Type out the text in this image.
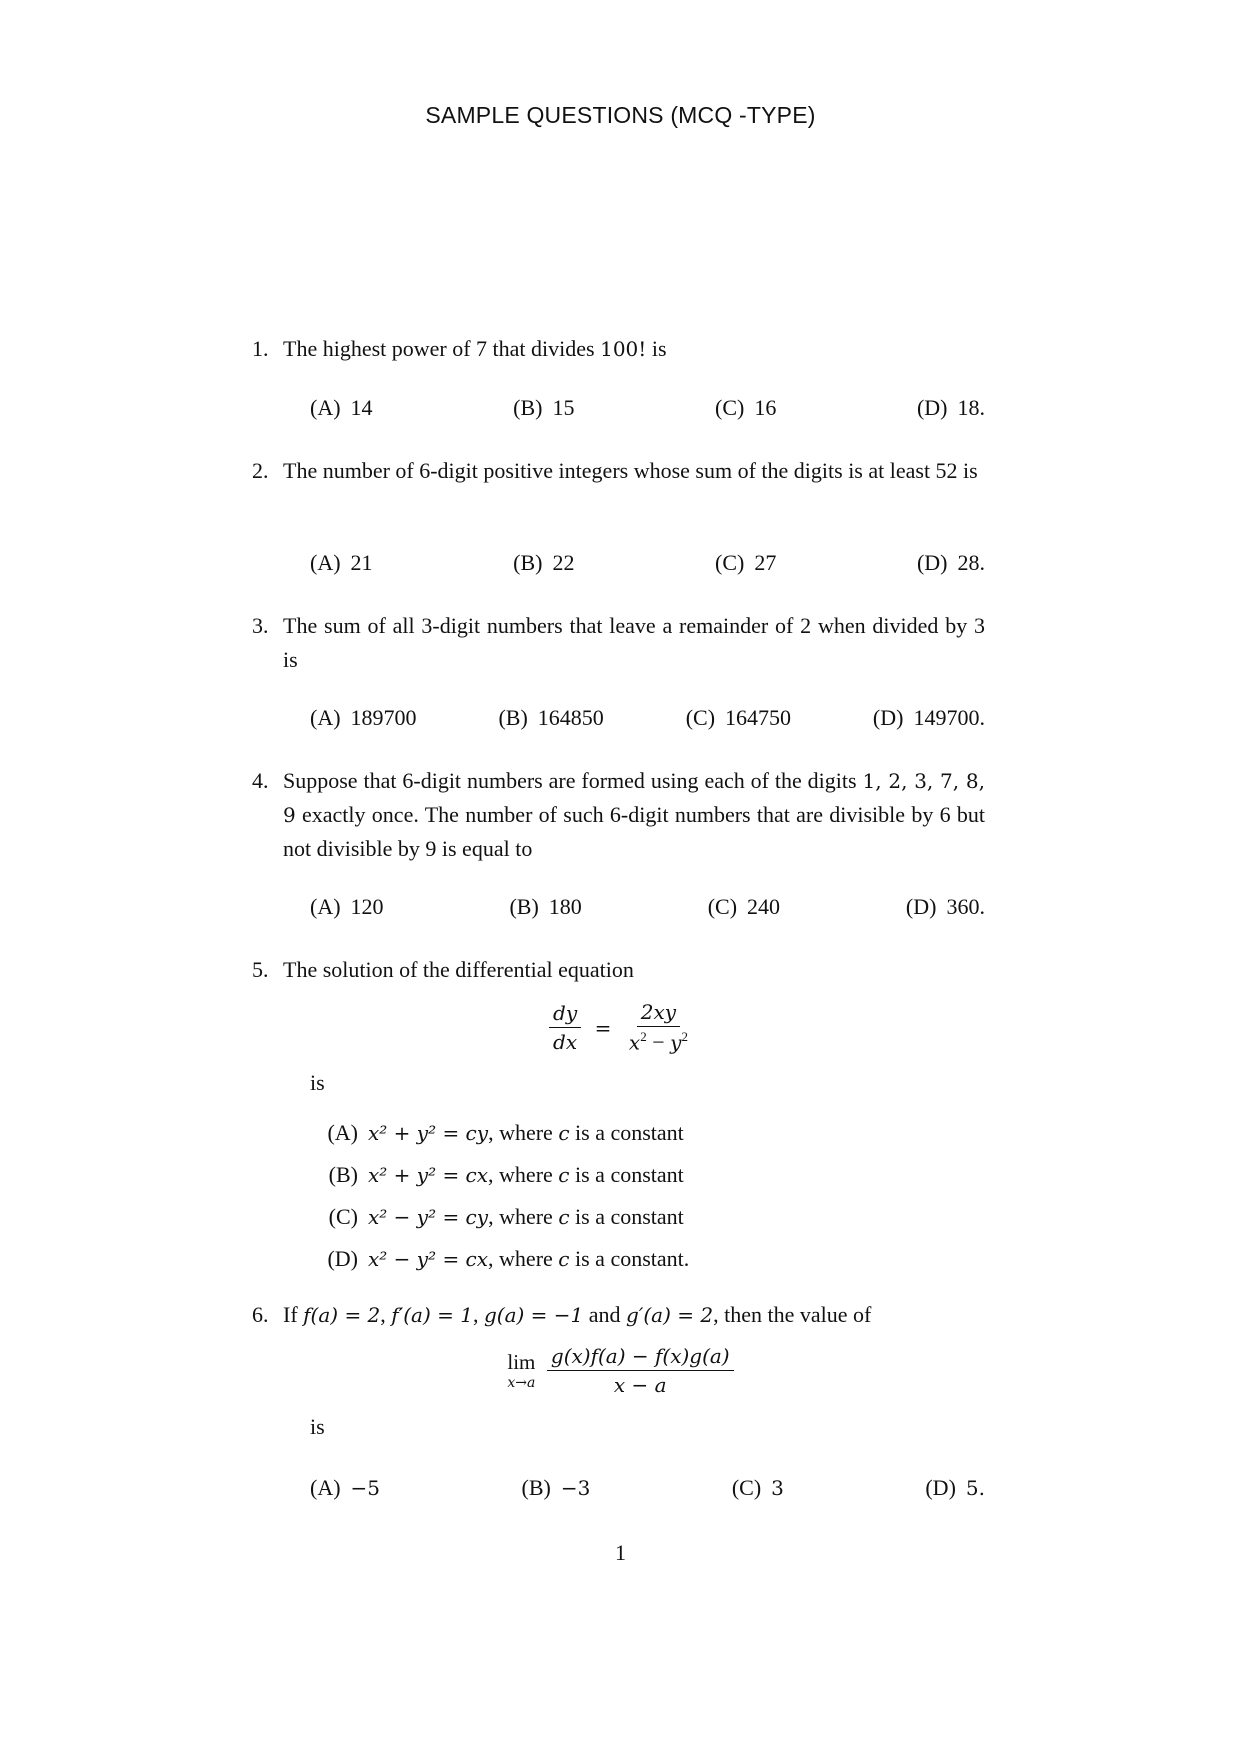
SAMPLE QUESTIONS (MCQ -TYPE)
1. The highest power of 7 that divides 100! is
(A) 14	(B) 15	(C) 16	(D) 18.
2. The number of 6-digit positive integers whose sum of the digits is at least 52 is
(A) 21	(B) 22	(C) 27	(D) 28.
3. The sum of all 3-digit numbers that leave a remainder of 2 when divided by 3 is
(A) 189700	(B) 164850	(C) 164750	(D) 149700.
4. Suppose that 6-digit numbers are formed using each of the digits 1, 2, 3, 7, 8, 9 exactly once. The number of such 6-digit numbers that are divisible by 6 but not divisible by 9 is equal to
(A) 120	(B) 180	(C) 240	(D) 360.
5. The solution of the differential equation
$\frac{dy}{dx} = \frac{2xy}{x^2 - y^2}$
is
(A) x² + y² = cy, where c is a constant
(B) x² + y² = cx, where c is a constant
(C) x² − y² = cy, where c is a constant
(D) x² − y² = cx, where c is a constant.
6. If f(a) = 2, f′(a) = 1, g(a) = −1 and g′(a) = 2, then the value of
lim
x→a
$\frac{g(x)f(a) - f(x)g(a)}{x - a}$
is
(A) −5	(B) −3	(C) 3	(D) 5.
1
